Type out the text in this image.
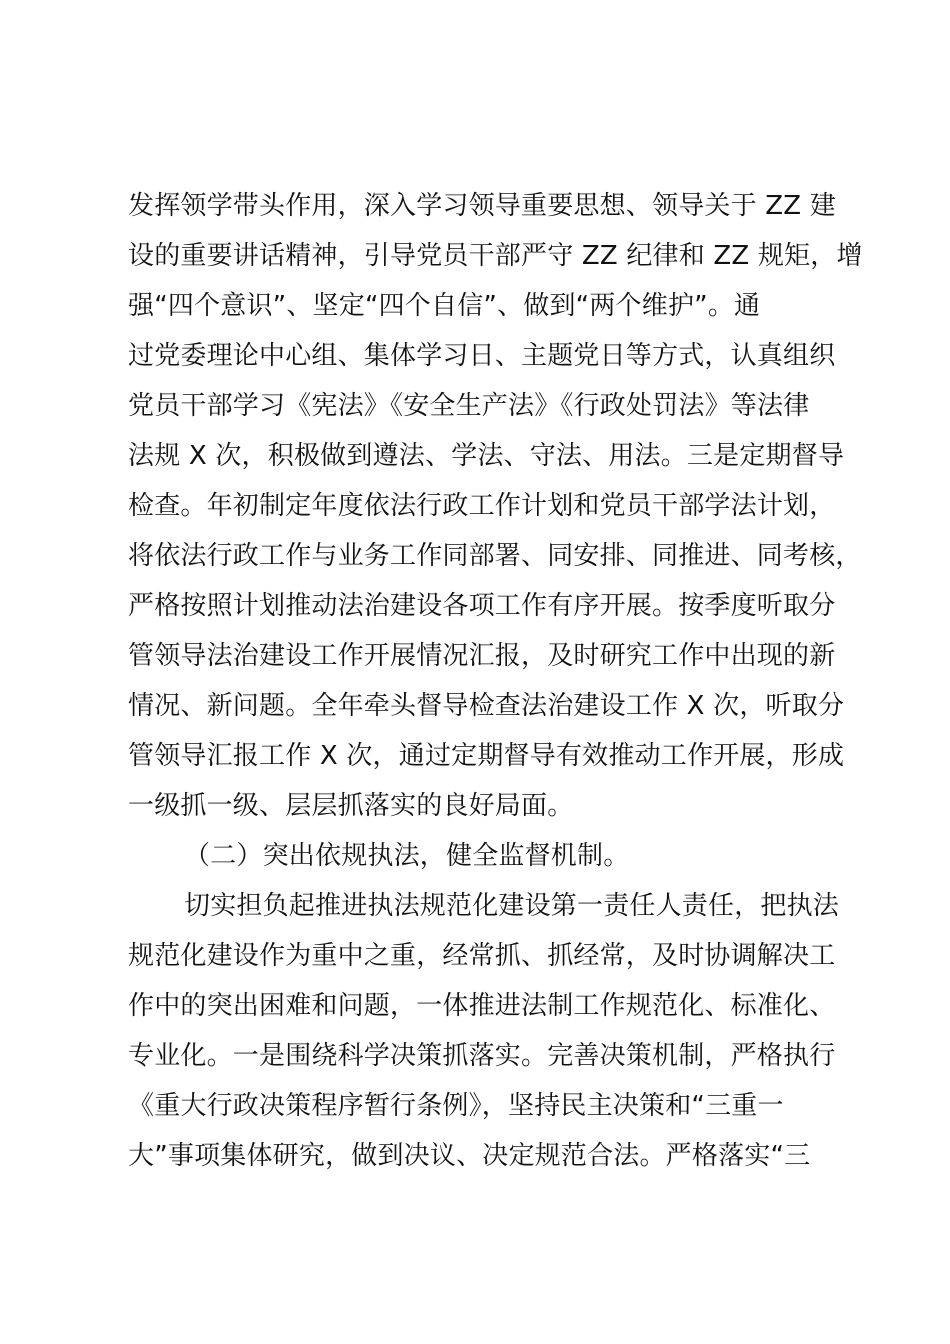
发挥领学带头作用，深入学习领导重要思想、领导关于 ZZ 建
设的重要讲话精神，引导党员干部严守 ZZ 纪律和 ZZ 规矩，增
强“四个意识”、坚定“四个自信”、做到“两个维护”。通
过党委理论中心组、集体学习日、主题党日等方式，认真组织
党员干部学习《宪法》《安全生产法》《行政处罚法》等法律
法规 X 次，积极做到遵法、学法、守法、用法。三是定期督导
检查。年初制定年度依法行政工作计划和党员干部学法计划，
将依法行政工作与业务工作同部署、同安排、同推进、同考核，
严格按照计划推动法治建设各项工作有序开展。按季度听取分
管领导法治建设工作开展情况汇报，及时研究工作中出现的新
情况、新问题。全年牵头督导检查法治建设工作 X 次，听取分
管领导汇报工作 X 次，通过定期督导有效推动工作开展，形成
一级抓一级、层层抓落实的良好局面。
（二）突出依规执法，健全监督机制。
切实担负起推进执法规范化建设第一责任人责任，把执法
规范化建设作为重中之重，经常抓、抓经常，及时协调解决工
作中的突出困难和问题，一体推进法制工作规范化、标准化、
专业化。一是围绕科学决策抓落实。完善决策机制，严格执行
《重大行政决策程序暂行条例》，坚持民主决策和“三重一
大”事项集体研究，做到决议、决定规范合法。严格落实“三
